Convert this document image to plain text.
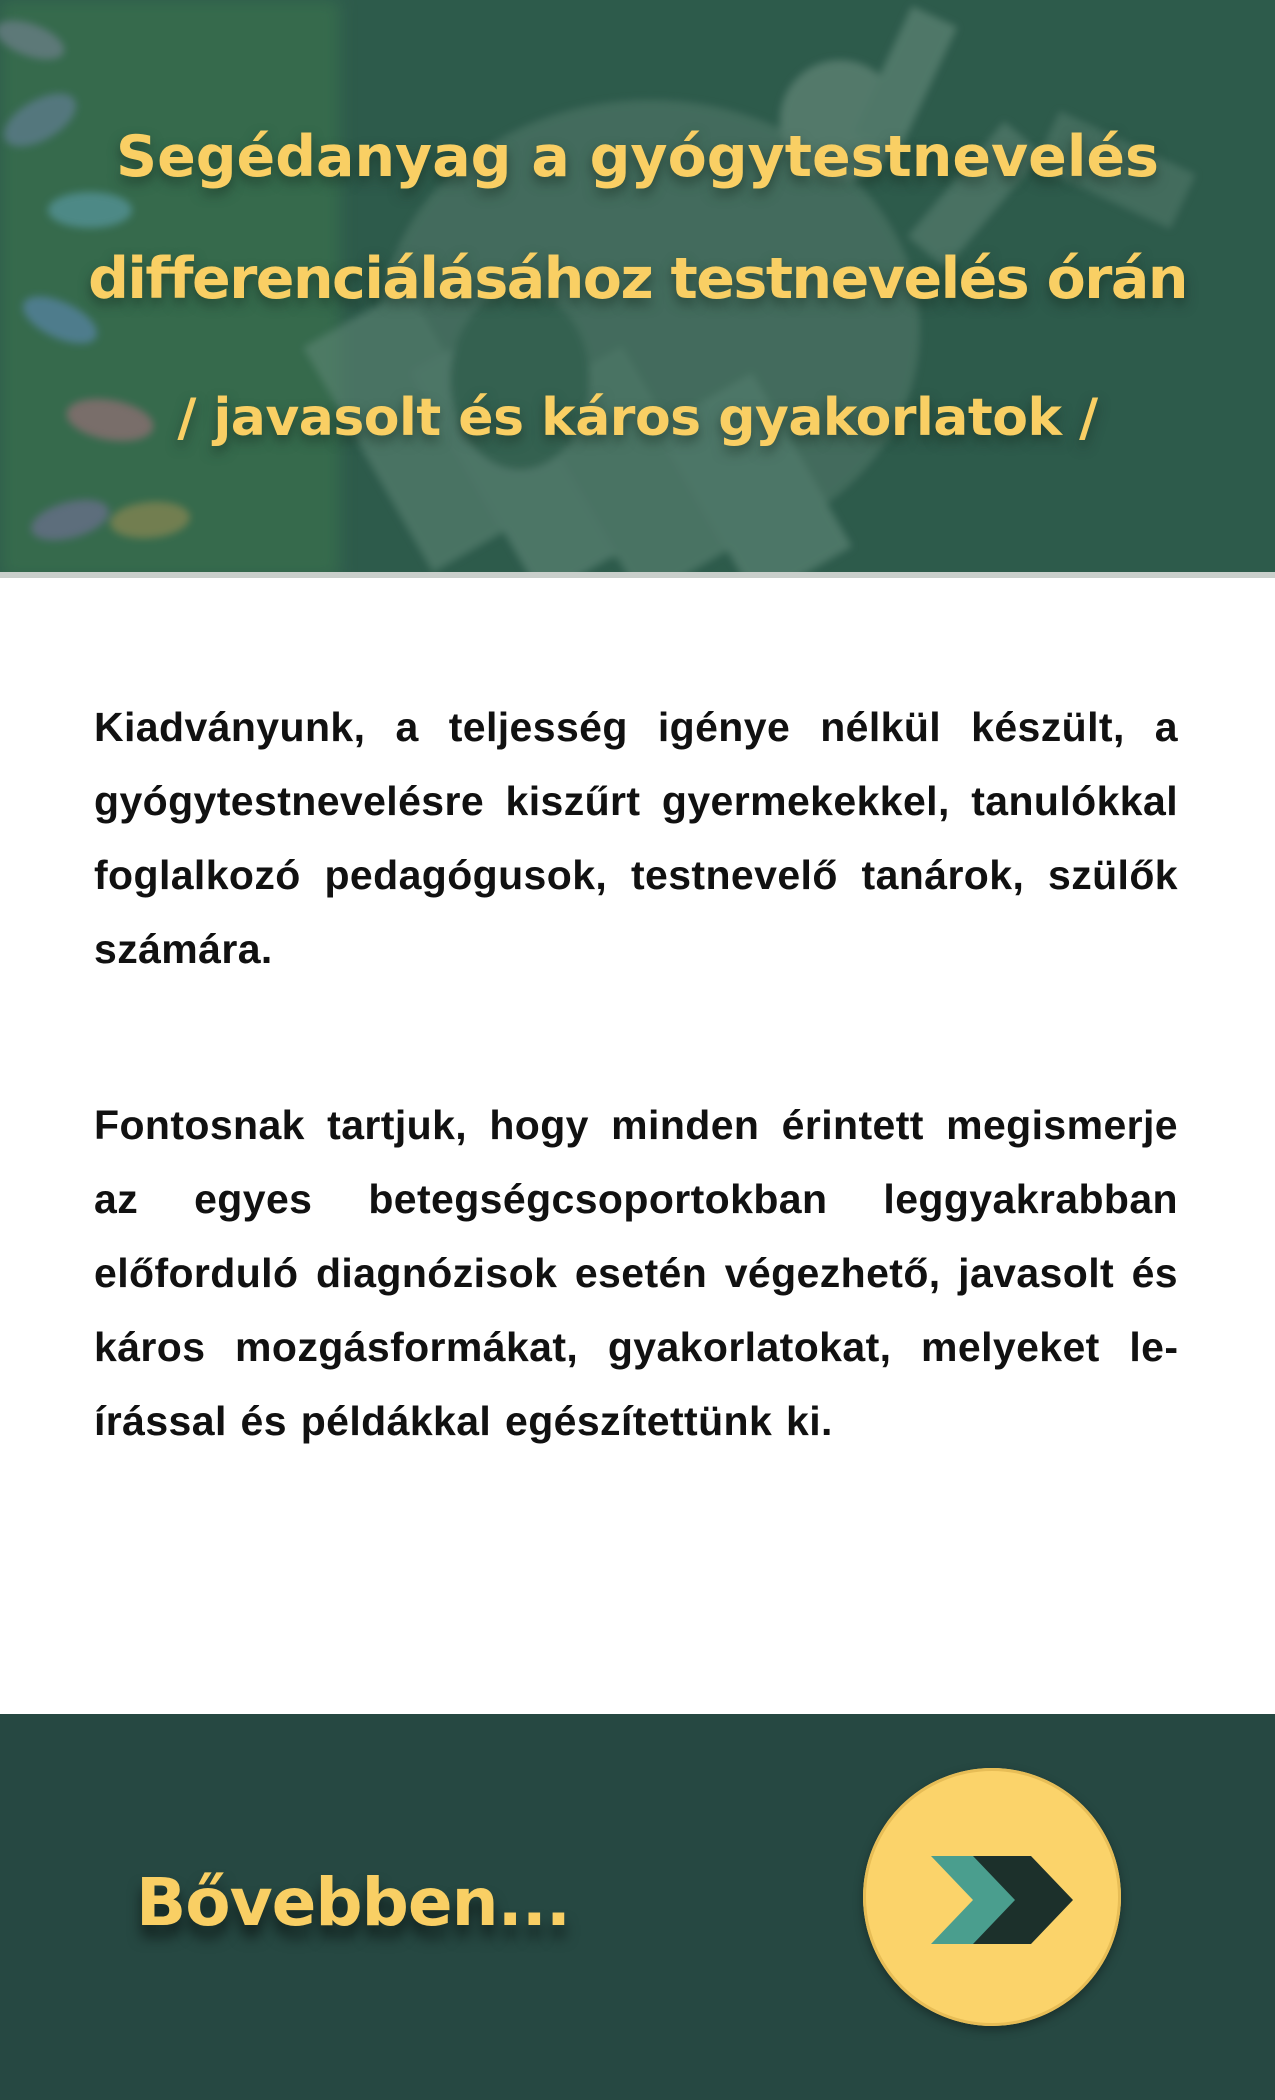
Segédanyag a gyógytestnevelés
differenciálásához testnevelés órán
/ javasolt és káros gyakorlatok /

Kiadványunk, a teljesség igénye nélkül készült, a gyógytestnevelésre kiszűrt gyermekekkel, tanulókkal foglalkozó pedagógusok, testnevelő tanárok, szülők számára.

Fontosnak tartjuk, hogy minden érintett megismerje az egyes betegségcsoportokban leggyakrabban előforduló diagnózisok esetén végezhető, javasolt és káros mozgásformákat, gyakorlatokat, melyeket leírással és példákkal egészítettünk ki.

Bővebben...
